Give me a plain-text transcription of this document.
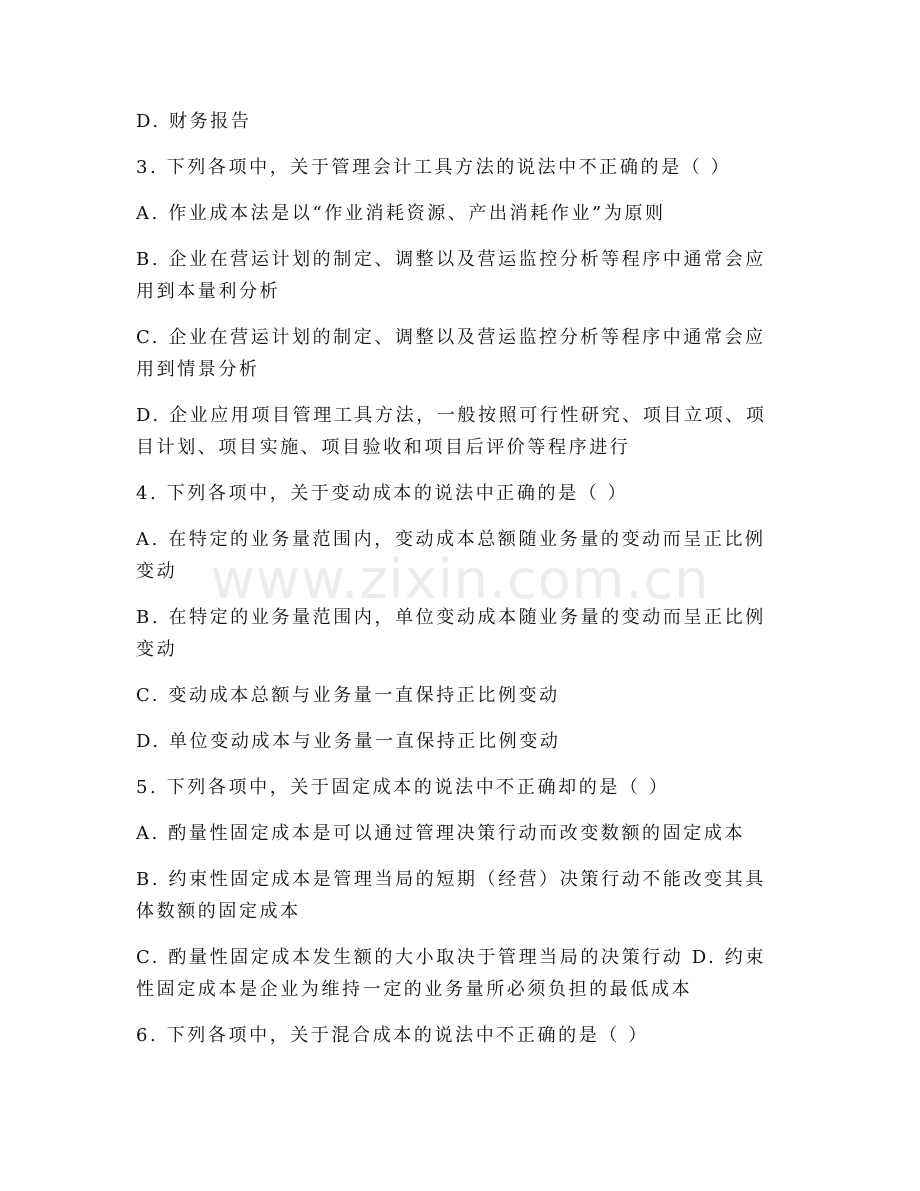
D. 财务报告

3. 下列各项中，关于管理会计工具方法的说法中不正确的是（ ）

A. 作业成本法是以“作业消耗资源、产出消耗作业”为原则

B. 企业在营运计划的制定、调整以及营运监控分析等程序中通常会应用到本量利分析

C. 企业在营运计划的制定、调整以及营运监控分析等程序中通常会应用到情景分析

D. 企业应用项目管理工具方法，一般按照可行性研究、项目立项、项目计划、项目实施、项目验收和项目后评价等程序进行

4. 下列各项中，关于变动成本的说法中正确的是（ ）

A. 在特定的业务量范围内，变动成本总额随业务量的变动而呈正比例变动

B. 在特定的业务量范围内，单位变动成本随业务量的变动而呈正比例变动

C. 变动成本总额与业务量一直保持正比例变动

D. 单位变动成本与业务量一直保持正比例变动

5. 下列各项中，关于固定成本的说法中不正确却的是（ ）

A. 酌量性固定成本是可以通过管理决策行动而改变数额的固定成本

B. 约束性固定成本是管理当局的短期（经营）决策行动不能改变其具体数额的固定成本

C. 酌量性固定成本发生额的大小取决于管理当局的决策行动 D. 约束性固定成本是企业为维持一定的业务量所必须负担的最低成本

6. 下列各项中，关于混合成本的说法中不正确的是（ ）

www.zixin.com.cn
